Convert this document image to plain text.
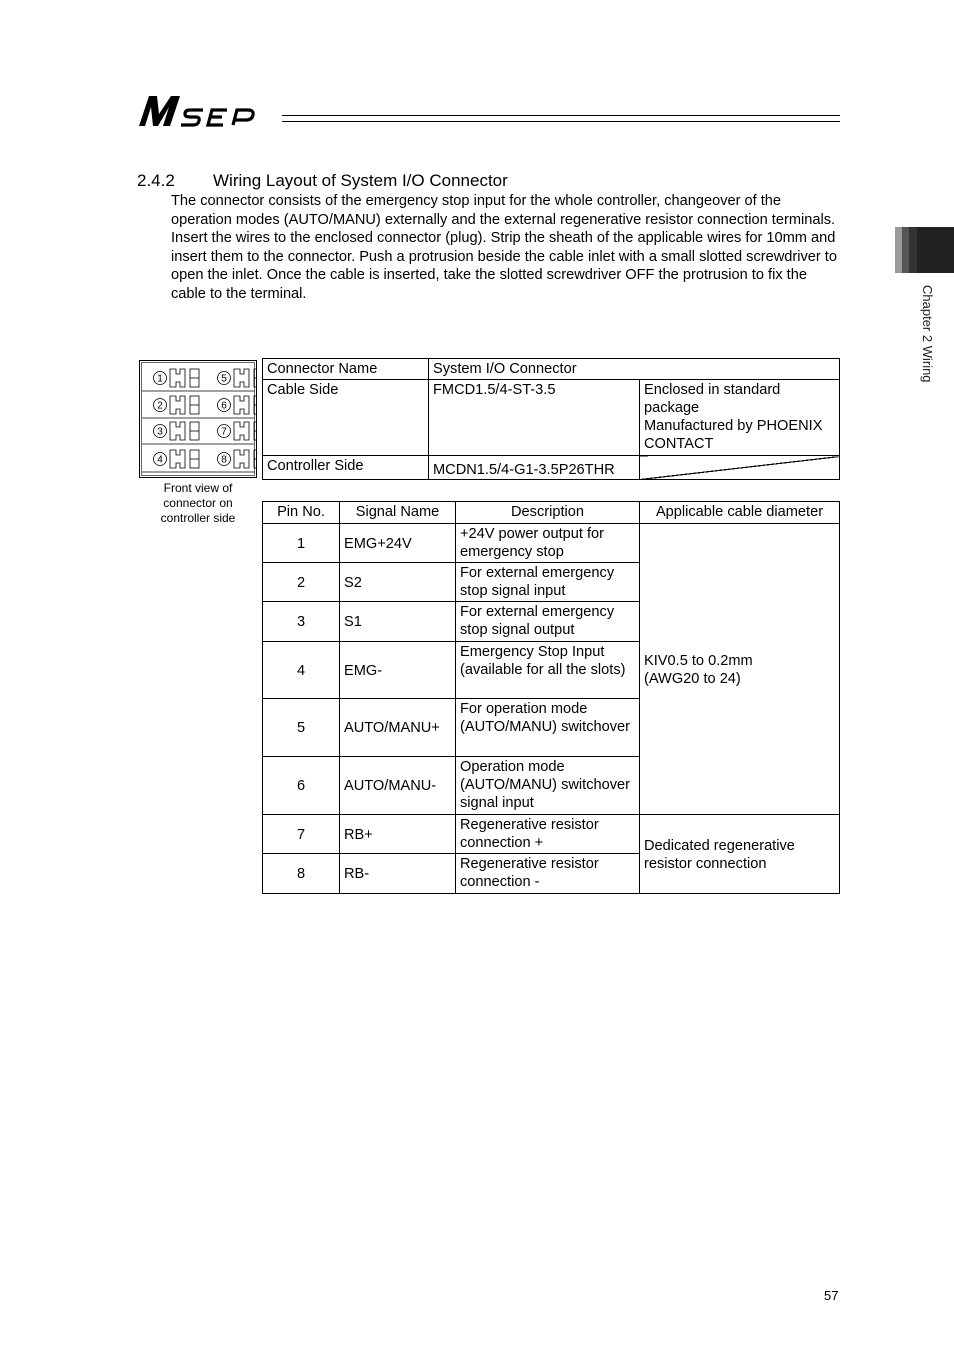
Chapter 2 Wiring
2.4.2 Wiring Layout of System I/O Connector

The connector consists of the emergency stop input for the whole controller, changeover of the operation modes (AUTO/MANU) externally and the external regenerative resistor connection terminals.

Insert the wires to the enclosed connector (plug). Strip the sheath of the applicable wires for 10mm and insert them to the connector. Push a protrusion beside the cable inlet with a small slotted screwdriver to open the inlet. Once the cable is inserted, take the slotted screwdriver OFF the protrusion to fix the cable to the terminal.

1
2
3
4
5
6
7
8
Front view of connector on controller side
Connector Name	System I/O Connector	
Cable Side	FMCD1.5/4-ST-3.5	Enclosed in standard package
Manufactured by PHOENIX CONTACT
Controller Side	MCDN1.5/4-G1-3.5P26THR	
Pin No.	Signal Name	Description	Applicable cable diameter
1	EMG+24V	+24V power output for emergency stop	KIV0.5 to 0.2mm
(AWG20 to 24)
2	S2	For external emergency stop signal input	
3	S1	For external emergency stop signal output	
4	EMG-	Emergency Stop Input (available for all the slots)	
5	AUTO/MANU+	For operation mode (AUTO/MANU) switchover	
6	AUTO/MANU-	Operation mode (AUTO/MANU) switchover signal input	
7	RB+	Regenerative resistor connection +	Dedicated regenerative resistor connection
8	RB-	Regenerative resistor connection -	
57
